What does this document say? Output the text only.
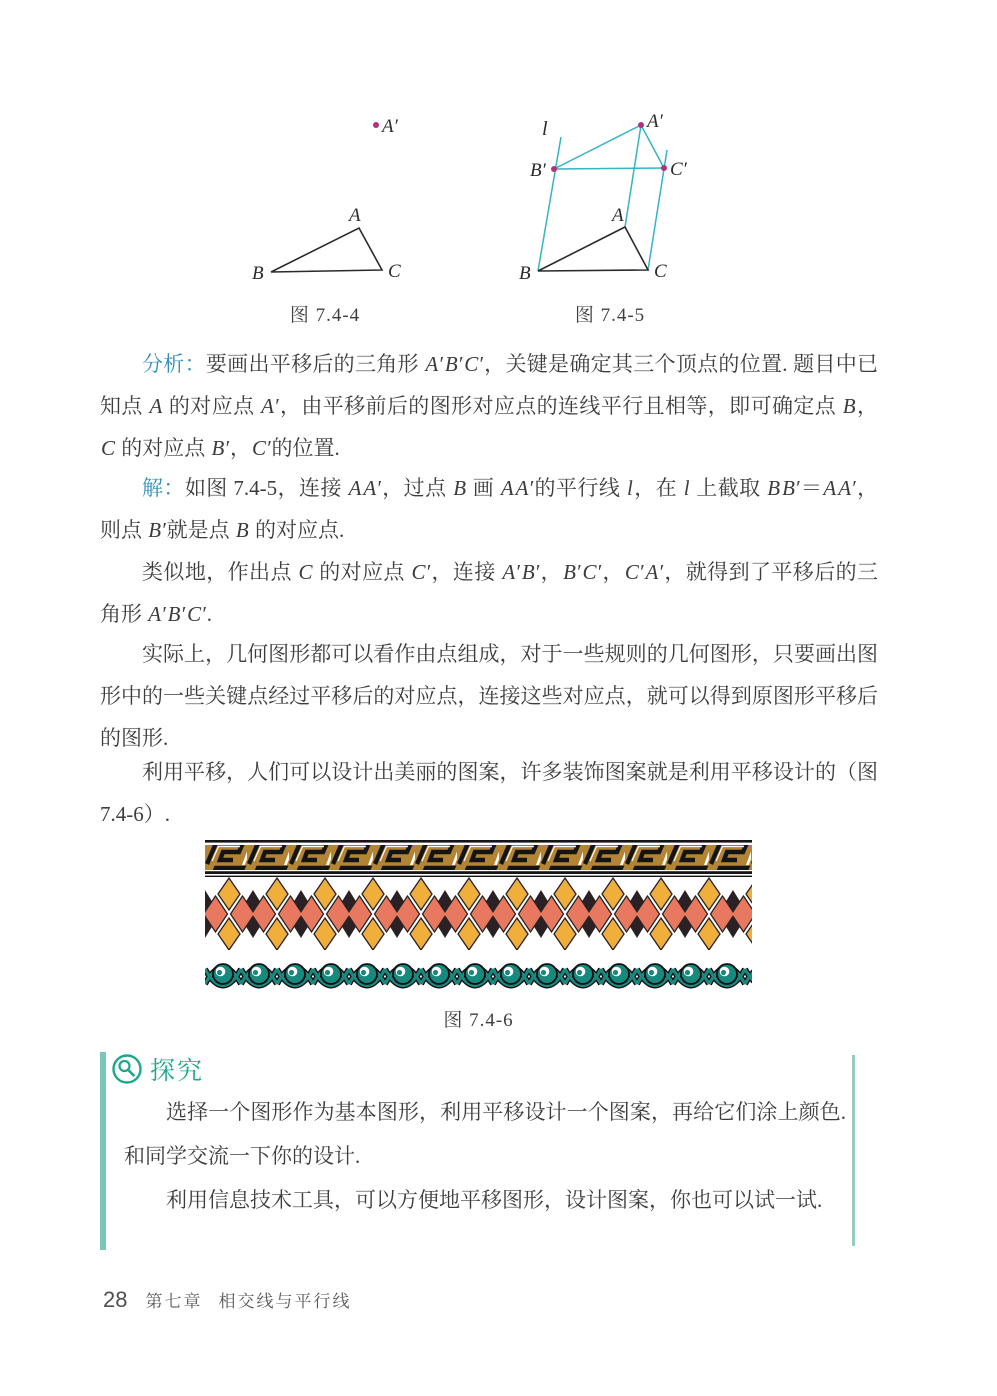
A′
A
B	C
图 7.4-4
l	A′
B′	C′
A
B	C
图 7.4-5
分析：要画出平移后的三角形 A′B′C′，关键是确定其三个顶点的位置. 题目中已知点 A 的对应点 A′，由平移前后的图形对应点的连线平行且相等，即可确定点 B，C 的对应点 B′，C′的位置.
解：如图 7.4-5，连接 AA′，过点 B 画 AA′的平行线 l，在 l 上截取 BB′＝AA′，则点 B′就是点 B 的对应点.
类似地，作出点 C 的对应点 C′，连接 A′B′，B′C′，C′A′，就得到了平移后的三角形 A′B′C′.
实际上，几何图形都可以看作由点组成，对于一些规则的几何图形，只要画出图形中的一些关键点经过平移后的对应点，连接这些对应点，就可以得到原图形平移后的图形.
利用平移，人们可以设计出美丽的图案，许多装饰图案就是利用平移设计的（图 7.4-6）.
图 7.4-6
探究
选择一个图形作为基本图形，利用平移设计一个图案，再给它们涂上颜色. 和同学交流一下你的设计.
利用信息技术工具，可以方便地平移图形，设计图案，你也可以试一试.
28 第七章 相交线与平行线
